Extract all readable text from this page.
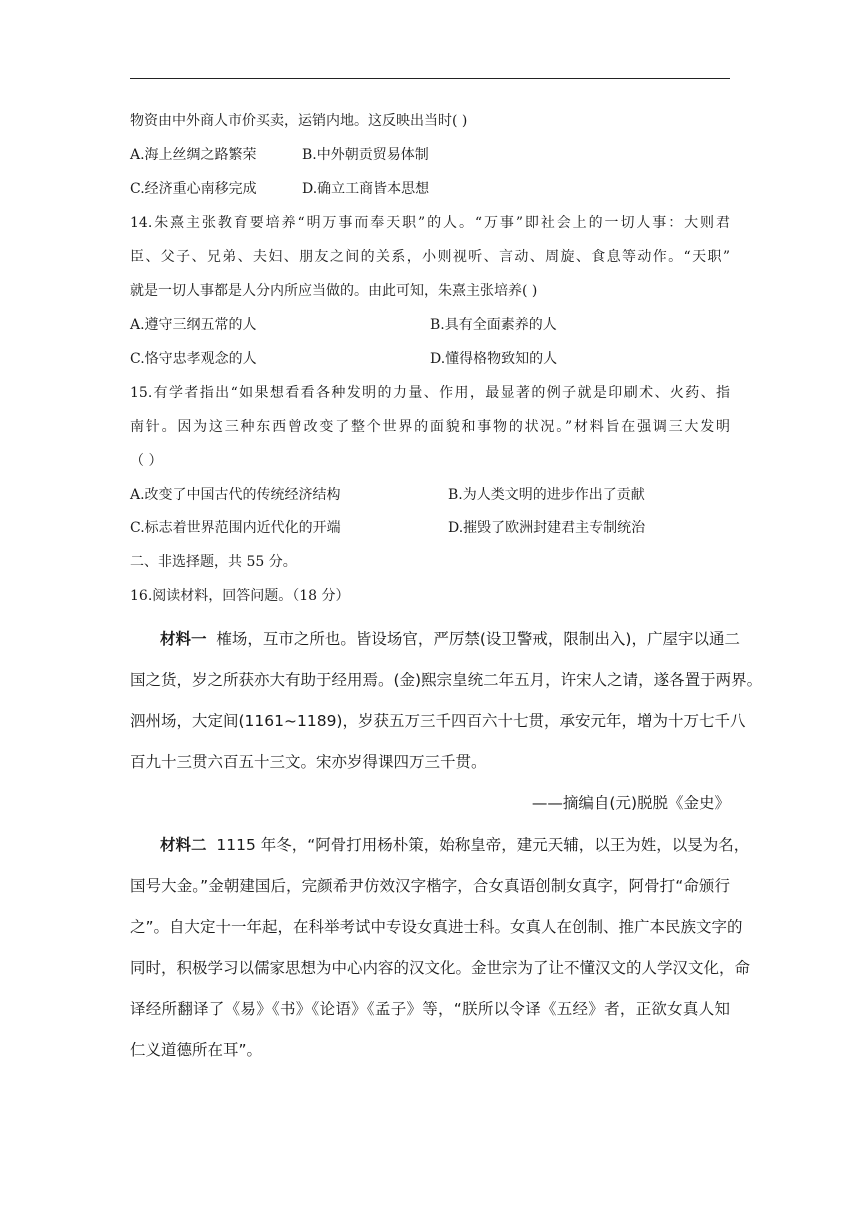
物资由中外商人市价买卖，运销内地。这反映出当时( )
A.海上丝绸之路繁荣	B.中外朝贡贸易体制
C.经济重心南移完成	D.确立工商皆本思想
14.朱熹主张教育要培养“明万事而奉天职”的人。“万事”即社会上的一切人事：大则君
臣、父子、兄弟、夫妇、朋友之间的关系，小则视听、言动、周旋、食息等动作。“天职”
就是一切人事都是人分内所应当做的。由此可知，朱熹主张培养( )
A.遵守三纲五常的人	B.具有全面素养的人
C.恪守忠孝观念的人	D.懂得格物致知的人
15.有学者指出“如果想看看各种发明的力量、作用，最显著的例子就是印刷术、火药、指
南针。因为这三种东西曾改变了整个世界的面貌和事物的状况。”材料旨在强调三大发明
（ ）
A.改变了中国古代的传统经济结构	B.为人类文明的进步作出了贡献
C.标志着世界范围内近代化的开端	D.摧毁了欧洲封建君主专制统治
二、非选择题，共 55 分。
16.阅读材料，回答问题。（18 分）
材料一 榷场，互市之所也。皆设场官，严厉禁(设卫警戒，限制出入)，广屋宇以通二
国之货，岁之所获亦大有助于经用焉。(金)熙宗皇统二年五月，许宋人之请，遂各置于两界。
泗州场，大定间(1161~1189)，岁获五万三千四百六十七贯，承安元年，增为十万七千八
百九十三贯六百五十三文。宋亦岁得课四万三千贯。
——摘编自(元)脱脱《金史》
材料二 1115 年冬，“阿骨打用杨朴策，始称皇帝，建元天辅，以王为姓，以旻为名，
国号大金。”金朝建国后，完颜希尹仿效汉字楷字，合女真语创制女真字，阿骨打“命颁行
之”。自大定十一年起，在科举考试中专设女真进士科。女真人在创制、推广本民族文字的
同时，积极学习以儒家思想为中心内容的汉文化。金世宗为了让不懂汉文的人学汉文化，命
译经所翻译了《易》《书》《论语》《孟子》等，“朕所以令译《五经》者，正欲女真人知
仁义道德所在耳”。
